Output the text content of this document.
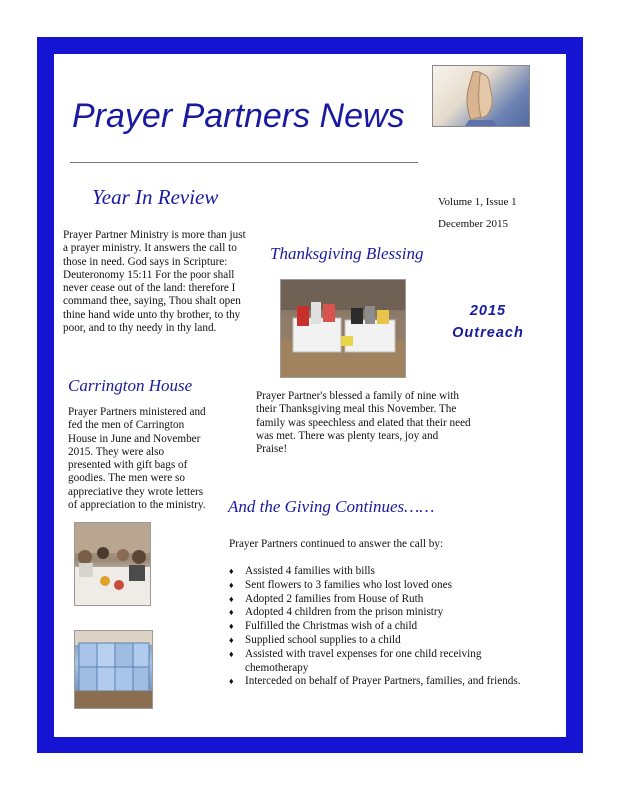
Prayer Partners News
Year In Review	Volume 1, Issue 1
December 2015
Prayer Partner Ministry is more than just a prayer ministry. It answers the call to those in need. God says in Scripture: Deuteronomy 15:11 For the poor shall never cease out of the land: therefore I command thee, saying, Thou shalt open thine hand wide unto thy brother, to thy poor, and to thy needy in thy land.
Thanksgiving Blessing
2015
Outreach
Carrington House
Prayer Partners ministered and fed the men of Carrington House in June and November 2015. They were also presented with gift bags of goodies. The men were so appreciative they wrote letters of appreciation to the ministry.
Prayer Partner's blessed a family of nine with their Thanksgiving meal this November. The family was speechless and elated that their need was met. There was plenty tears, joy and Praise!
And the Giving Continues……
Prayer Partners continued to answer the call by:
♦ Assisted 4 families with bills
♦ Sent flowers to 3 families who lost loved ones
♦ Adopted 2 families from House of Ruth
♦ Adopted 4 children from the prison ministry
♦ Fulfilled the Christmas wish of a child
♦ Supplied school supplies to a child
♦ Assisted with travel expenses for one child receiving chemotherapy
♦ Interceded on behalf of Prayer Partners, families, and friends.
